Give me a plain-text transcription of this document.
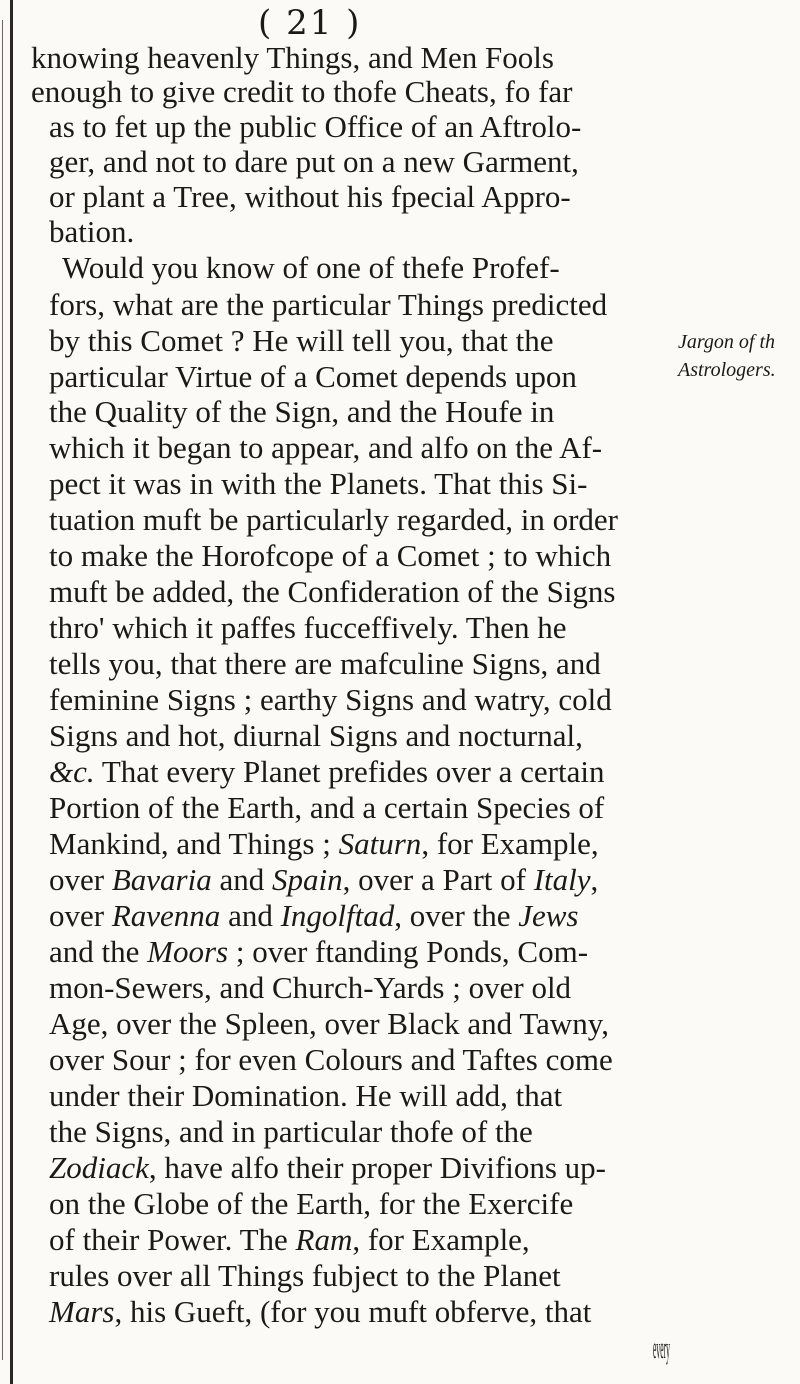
( 21 )
Jargon of th
Astrologers.
knowing heavenly Things, and Men Fools
enough to give credit to thofe Cheats, fo far
as to fet up the public Office of an Aftrolo-
ger, and not to dare put on a new Garment,
or plant a Tree, without his fpecial Appro-
bation.
Would you know of one of thefe Profef-
fors, what are the particular Things predicted
by this Comet ? He will tell you, that the
particular Virtue of a Comet depends upon
the Quality of the Sign, and the Houfe in
which it began to appear, and alfo on the Af-
pect it was in with the Planets. That this Si-
tuation muft be particularly regarded, in order
to make the Horofcope of a Comet ; to which
muft be added, the Confideration of the Signs
thro' which it paffes fucceffively. Then he
tells you, that there are mafculine Signs, and
feminine Signs ; earthy Signs and watry, cold
Signs and hot, diurnal Signs and nocturnal,
&c. That every Planet prefides over a certain
Portion of the Earth, and a certain Species of
Mankind, and Things ; Saturn, for Example,
over Bavaria and Spain, over a Part of Italy,
over Ravenna and Ingolftad, over the Jews
and the Moors ; over ftanding Ponds, Com-
mon-Sewers, and Church-Yards ; over old
Age, over the Spleen, over Black and Tawny,
over Sour ; for even Colours and Taftes come
under their Domination. He will add, that
the Signs, and in particular thofe of the
Zodiack, have alfo their proper Divifions up-
on the Globe of the Earth, for the Exercife
of their Power. The Ram, for Example,
rules over all Things fubject to the Planet
Mars, his Gueft, (for you muft obferve, that
every
